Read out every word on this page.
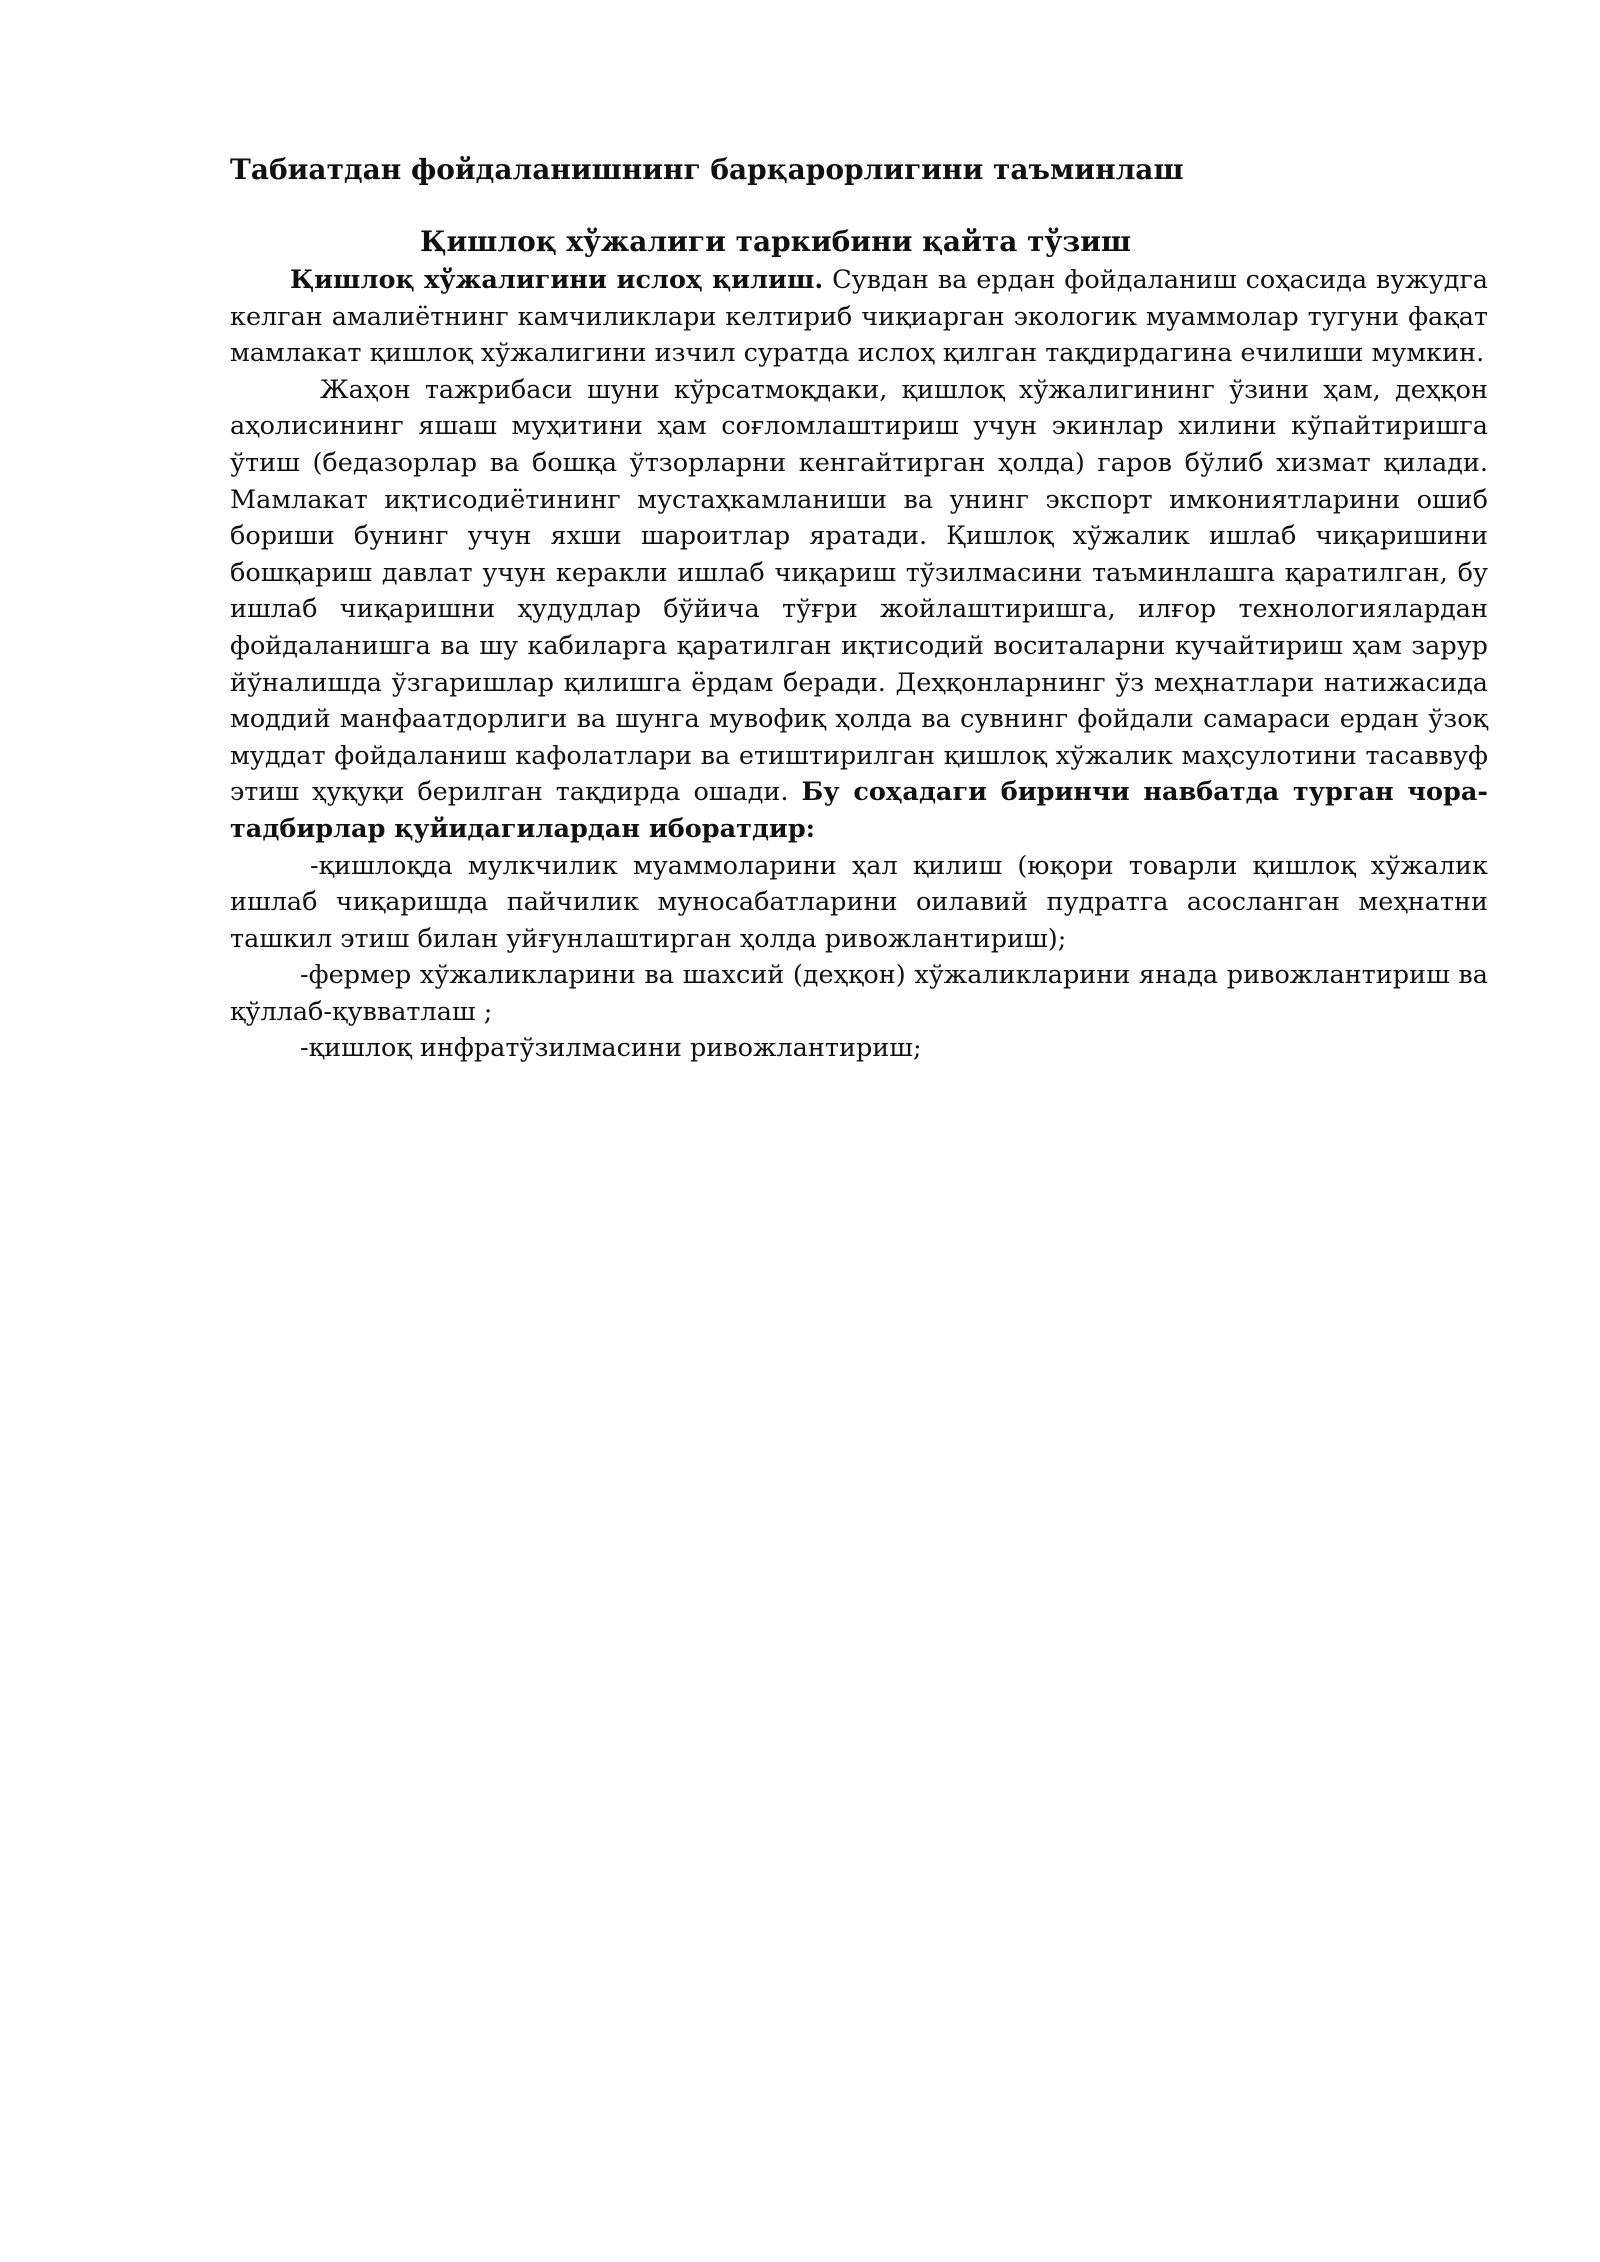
Табиатдан фойдаланишнинг барқарорлигини таъминлаш
Қишлоқ хўжалиги таркибини қайта тўзиш

Қишлоқ хўжалигини ислоҳ қилиш. Сувдан ва ердан фойдаланиш соҳасида вужудга келган амалиётнинг камчиликлари келтириб чиқиарган экологик муаммолар тугуни фақат мамлакат қишлоқ хўжалигини изчил суратда ислоҳ қилган тақдирдагина ечилиши мумкин.

Жаҳон тажрибаси шуни кўрсатмоқдаки, қишлоқ хўжалигининг ўзини ҳам, деҳқон аҳолисининг яшаш муҳитини ҳам соғломлаштириш учун экинлар хилини кўпайтиришга ўтиш (бедазорлар ва бошқа ўтзорларни кенгайтирган ҳолда) гаров бўлиб хизмат қилади. Мамлакат иқтисодиётининг мустаҳкамланиши ва унинг экспорт имкониятларини ошиб бориши бунинг учун яхши шароитлар яратади. Қишлоқ хўжалик ишлаб чиқаришини бошқариш давлат учун керакли ишлаб чиқариш тўзилмасини таъминлашга қаратилган, бу ишлаб чиқаришни ҳудудлар бўйича тўғри жойлаштиришга, илғор технологиялардан фойдаланишга ва шу кабиларга қаратилган иқтисодий воситаларни кучайтириш ҳам зарур йўналишда ўзгаришлар қилишга ёрдам беради. Деҳқонларнинг ўз меҳнатлари натижасида моддий манфаатдорлиги ва шунга мувофиқ ҳолда ва сувнинг фойдали самараси ердан ўзоқ муддат фойдаланиш кафолатлари ва етиштирилган қишлоқ хўжалик маҳсулотини тасаввуф этиш ҳуқуқи берилган тақдирда ошади. Бу соҳадаги биринчи навбатда турган чора-тадбирлар қуйидагилардан иборатдир:

-қишлоқда мулкчилик муаммоларини ҳал қилиш (юқори товарли қишлоқ хўжалик ишлаб чиқаришда пайчилик муносабатларини оилавий пудратга асосланган меҳнатни ташкил этиш билан уйғунлаштирган ҳолда ривожлантириш);

-фермер хўжаликларини ва шахсий (деҳқон) хўжаликларини янада ривожлантириш ва қўллаб-қувватлаш ;

-қишлоқ инфратўзилмасини ривожлантириш;
